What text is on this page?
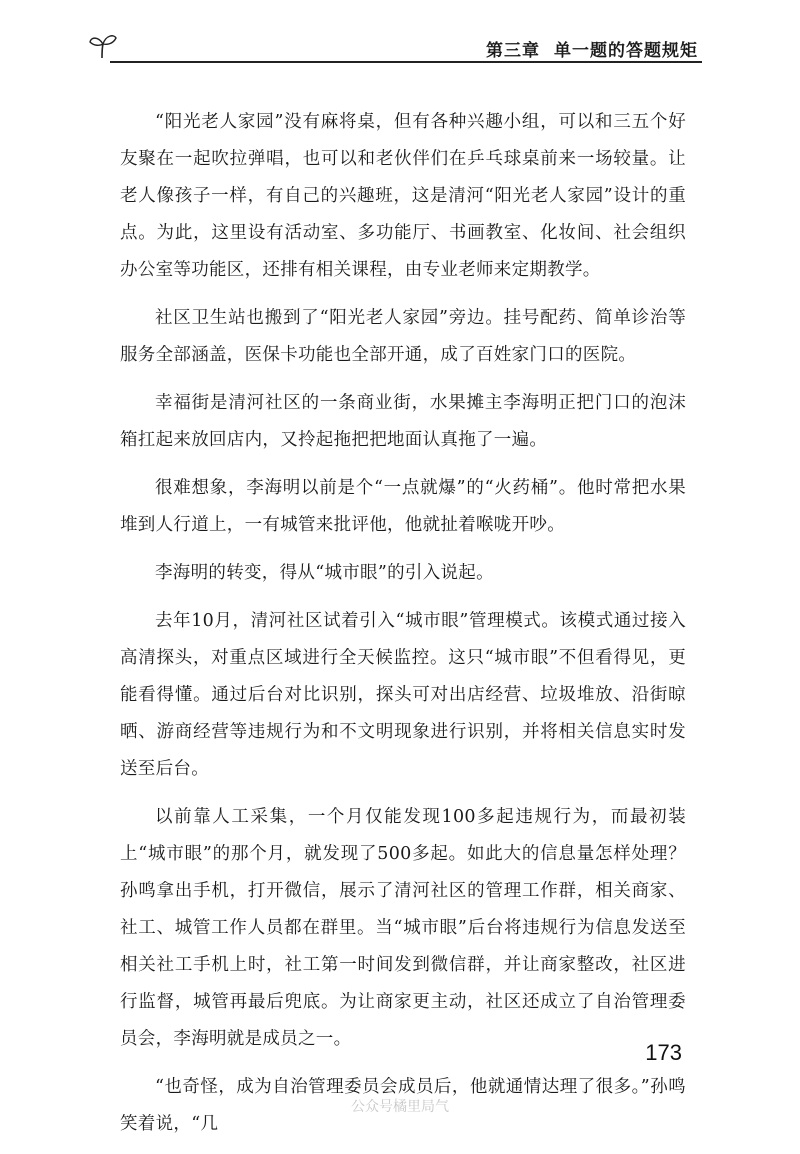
第三章 单一题的答题规矩

“阳光老人家园”没有麻将桌，但有各种兴趣小组，可以和三五个好友聚在一起吹拉弹唱，也可以和老伙伴们在乒乓球桌前来一场较量。让老人像孩子一样，有自己的兴趣班，这是清河“阳光老人家园”设计的重点。为此，这里设有活动室、多功能厅、书画教室、化妆间、社会组织办公室等功能区，还排有相关课程，由专业老师来定期教学。

社区卫生站也搬到了“阳光老人家园”旁边。挂号配药、简单诊治等服务全部涵盖，医保卡功能也全部开通，成了百姓家门口的医院。

幸福街是清河社区的一条商业街，水果摊主李海明正把门口的泡沫箱扛起来放回店内，又拎起拖把把地面认真拖了一遍。

很难想象，李海明以前是个“一点就爆”的“火药桶”。他时常把水果堆到人行道上，一有城管来批评他，他就扯着喉咙开吵。

李海明的转变，得从“城市眼”的引入说起。

去年10月，清河社区试着引入“城市眼”管理模式。该模式通过接入高清探头，对重点区域进行全天候监控。这只“城市眼”不但看得见，更能看得懂。通过后台对比识别，探头可对出店经营、垃圾堆放、沿街晾晒、游商经营等违规行为和不文明现象进行识别，并将相关信息实时发送至后台。

以前靠人工采集，一个月仅能发现100多起违规行为，而最初装上“城市眼”的那个月，就发现了500多起。如此大的信息量怎样处理？孙鸣拿出手机，打开微信，展示了清河社区的管理工作群，相关商家、社工、城管工作人员都在群里。当“城市眼”后台将违规行为信息发送至相关社工手机上时，社工第一时间发到微信群，并让商家整改，社区进行监督，城管再最后兜底。为让商家更主动，社区还成立了自治管理委员会，李海明就是成员之一。

“也奇怪，成为自治管理委员会成员后，他就通情达理了很多。”孙鸣笑着说，“几

173
公众号橘里局气
